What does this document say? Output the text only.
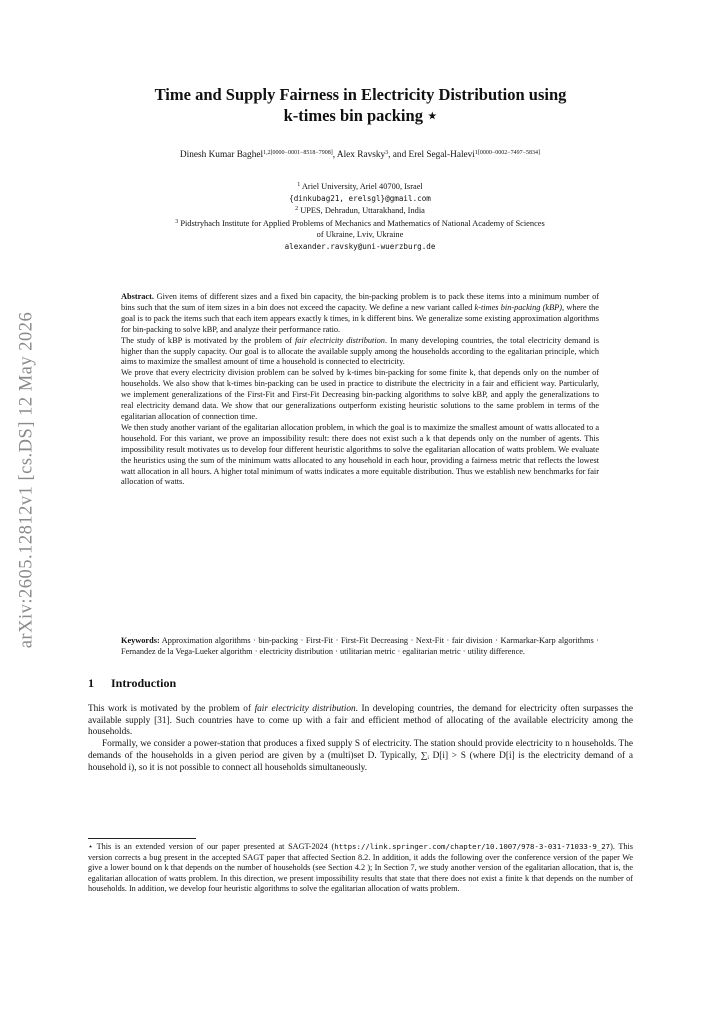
arXiv:2605.12812v1 [cs.DS] 12 May 2026
Time and Supply Fairness in Electricity Distribution using
k-times bin packing ⋆
Dinesh Kumar Baghel$^{1,2[0000-0001-8518-7908]}$, Alex Ravsky$^3$, and Erel Segal-Halevi$^{1[0000-0002-7497-5834]}$
$^1$ Ariel University, Ariel 40700, Israel
{dinkubag21, erelsgl}@gmail.com
$^2$ UPES, Dehradun, Uttarakhand, India
$^3$ Pidstryhach Institute for Applied Problems of Mechanics and Mathematics of National Academy of Sciences
of Ukraine, Lviv, Ukraine
alexander.ravsky@uni-wuerzburg.de

Abstract. Given items of different sizes and a fixed bin capacity, the bin-packing problem is to pack these items into a minimum number of bins such that the sum of item sizes in a bin does not exceed the capacity. We define a new variant called k-times bin-packing (kBP), where the goal is to pack the items such that each item appears exactly k times, in k different bins. We generalize some existing approximation algorithms for bin-packing to solve kBP, and analyze their performance ratio.

The study of kBP is motivated by the problem of fair electricity distribution. In many developing countries, the total electricity demand is higher than the supply capacity. Our goal is to allocate the available supply among the households according to the egalitarian principle, which aims to maximize the smallest amount of time a household is connected to electricity.

We prove that every electricity division problem can be solved by k-times bin-packing for some finite k, that depends only on the number of households. We also show that k-times bin-packing can be used in practice to distribute the electricity in a fair and efficient way. Particularly, we implement generalizations of the First-Fit and First-Fit Decreasing bin-packing algorithms to solve kBP, and apply the generalizations to real electricity demand data. We show that our generalizations outperform existing heuristic solutions to the same problem in terms of the egalitarian allocation of connection time.

We then study another variant of the egalitarian allocation problem, in which the goal is to maximize the smallest amount of watts allocated to a household. For this variant, we prove an impossibility result: there does not exist such a k that depends only on the number of agents. This impossibility result motivates us to develop four different heuristic algorithms to solve the egalitarian allocation of watts problem. We evaluate the heuristics using the sum of the minimum watts allocated to any household in each hour, providing a fairness metric that reflects the lowest watt allocation in all hours. A higher total minimum of watts indicates a more equitable distribution. Thus we establish new benchmarks for fair allocation of watts.

Keywords: Approximation algorithms · bin-packing · First-Fit · First-Fit Decreasing · Next-Fit · fair division · Karmarkar-Karp algorithms · Fernandez de la Vega-Lueker algorithm · electricity distribution · utilitarian metric · egalitarian metric · utility difference.
1 Introduction

This work is motivated by the problem of fair electricity distribution. In developing countries, the demand for electricity often surpasses the available supply [31]. Such countries have to come up with a fair and efficient method of allocating of the available electricity among the households.

Formally, we consider a power-station that produces a fixed supply S of electricity. The station should provide electricity to n households. The demands of the households in a given period are given by a (multi)set D. Typically, ∑ᵢ D[i] > S (where D[i] is the electricity demand of a household i), so it is not possible to connect all households simultaneously.

⋆ This is an extended version of our paper presented at SAGT-2024 (https://link.springer.com/chapter/10.1007/978-3-031-71033-9_27). This version corrects a bug present in the accepted SAGT paper that affected Section 8.2. In addition, it adds the following over the conference version of the paper We give a lower bound on k that depends on the number of households (see Section 4.2 ); In Section 7, we study another version of the egalitarian allocation, that is, the egalitarian allocation of watts problem. In this direction, we present impossibility results that state that there does not exist a finite k that depends on the number of households. In addition, we develop four heuristic algorithms to solve the egalitarian allocation of watts problem.
